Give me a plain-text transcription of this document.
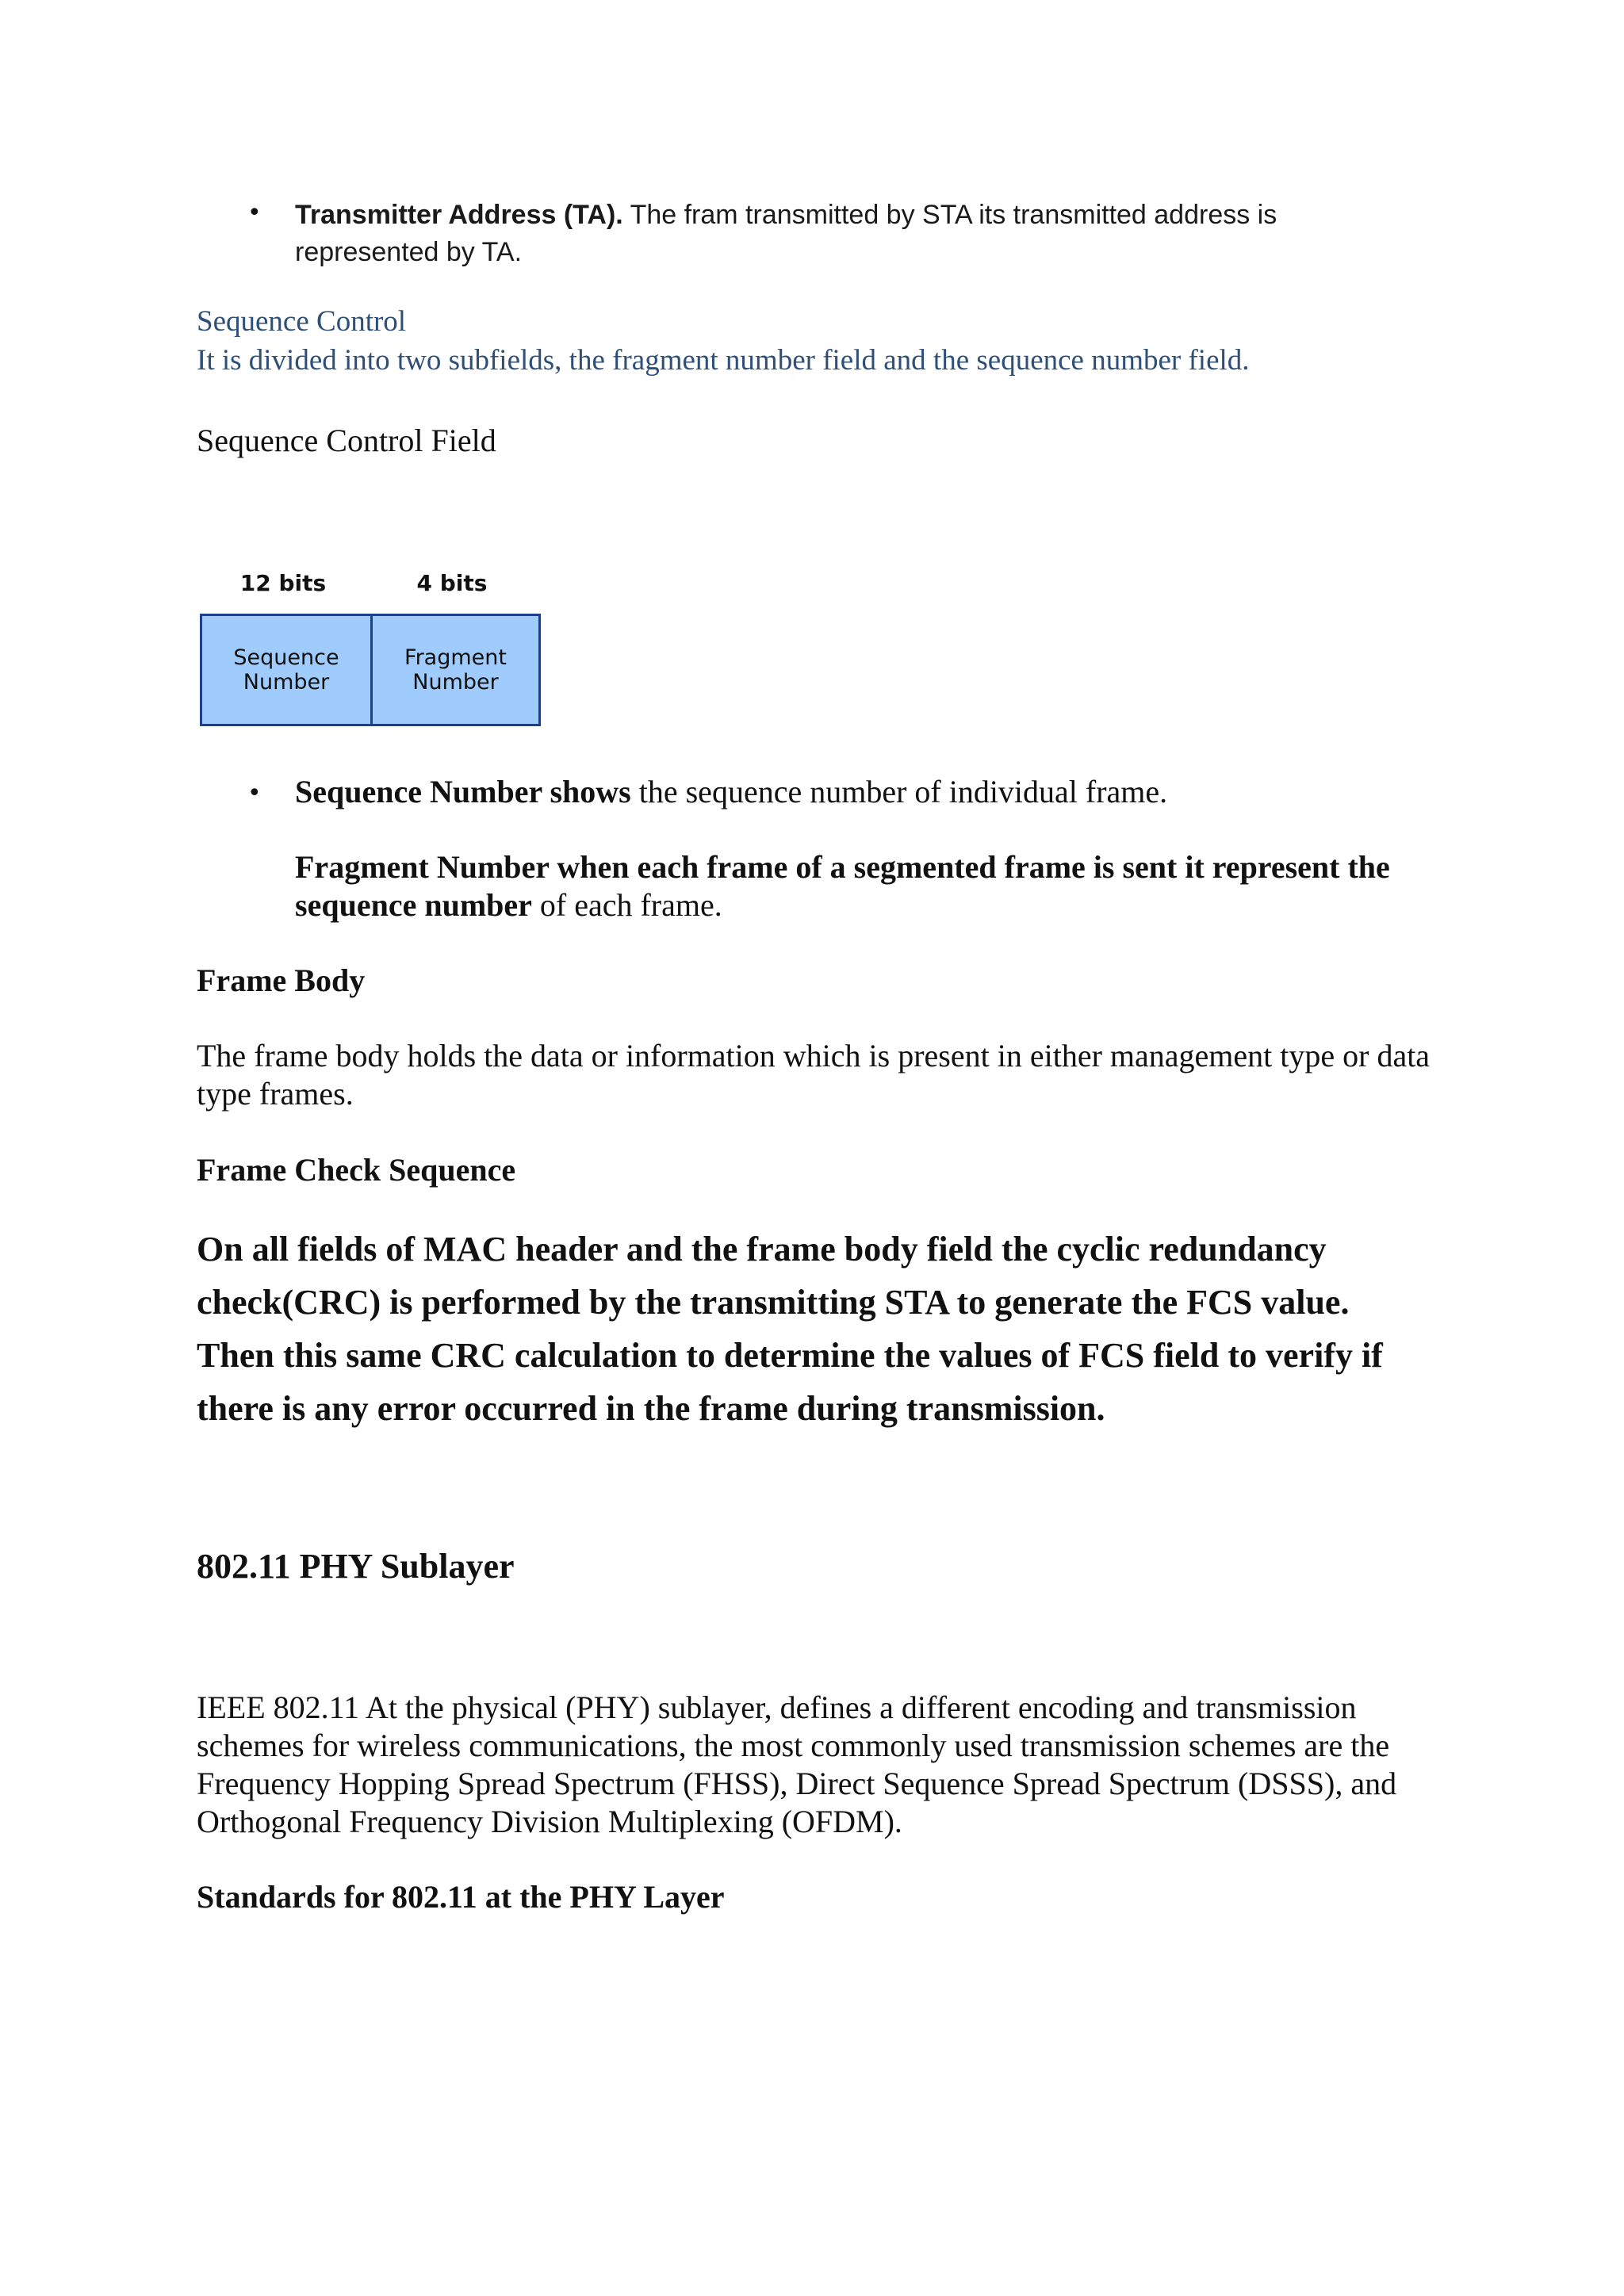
• Transmitter Address (TA). The fram transmitted by STA its transmitted address is represented by TA.

Sequence Control
It is divided into two subfields, the fragment number field and the sequence number field.
Sequence Control Field
12 bits	4 bits
Sequence
Number
Fragment
Number
• Sequence Number shows the sequence number of individual frame.

Fragment Number when each frame of a segmented frame is sent it represent the sequence number of each frame.

Frame Body

The frame body holds the data or information which is present in either management type or data type frames.

Frame Check Sequence

On all fields of MAC header and the frame body field the cyclic redundancy check(CRC) is performed by the transmitting STA to generate the FCS value. Then this same CRC calculation to determine the values of FCS field to verify if there is any error occurred in the frame during transmission.

802.11 PHY Sublayer

IEEE 802.11 At the physical (PHY) sublayer, defines a different encoding and transmission schemes for wireless communications, the most commonly used transmission schemes are the Frequency Hopping Spread Spectrum (FHSS), Direct Sequence Spread Spectrum (DSSS), and Orthogonal Frequency Division Multiplexing (OFDM).

Standards for 802.11 at the PHY Layer
